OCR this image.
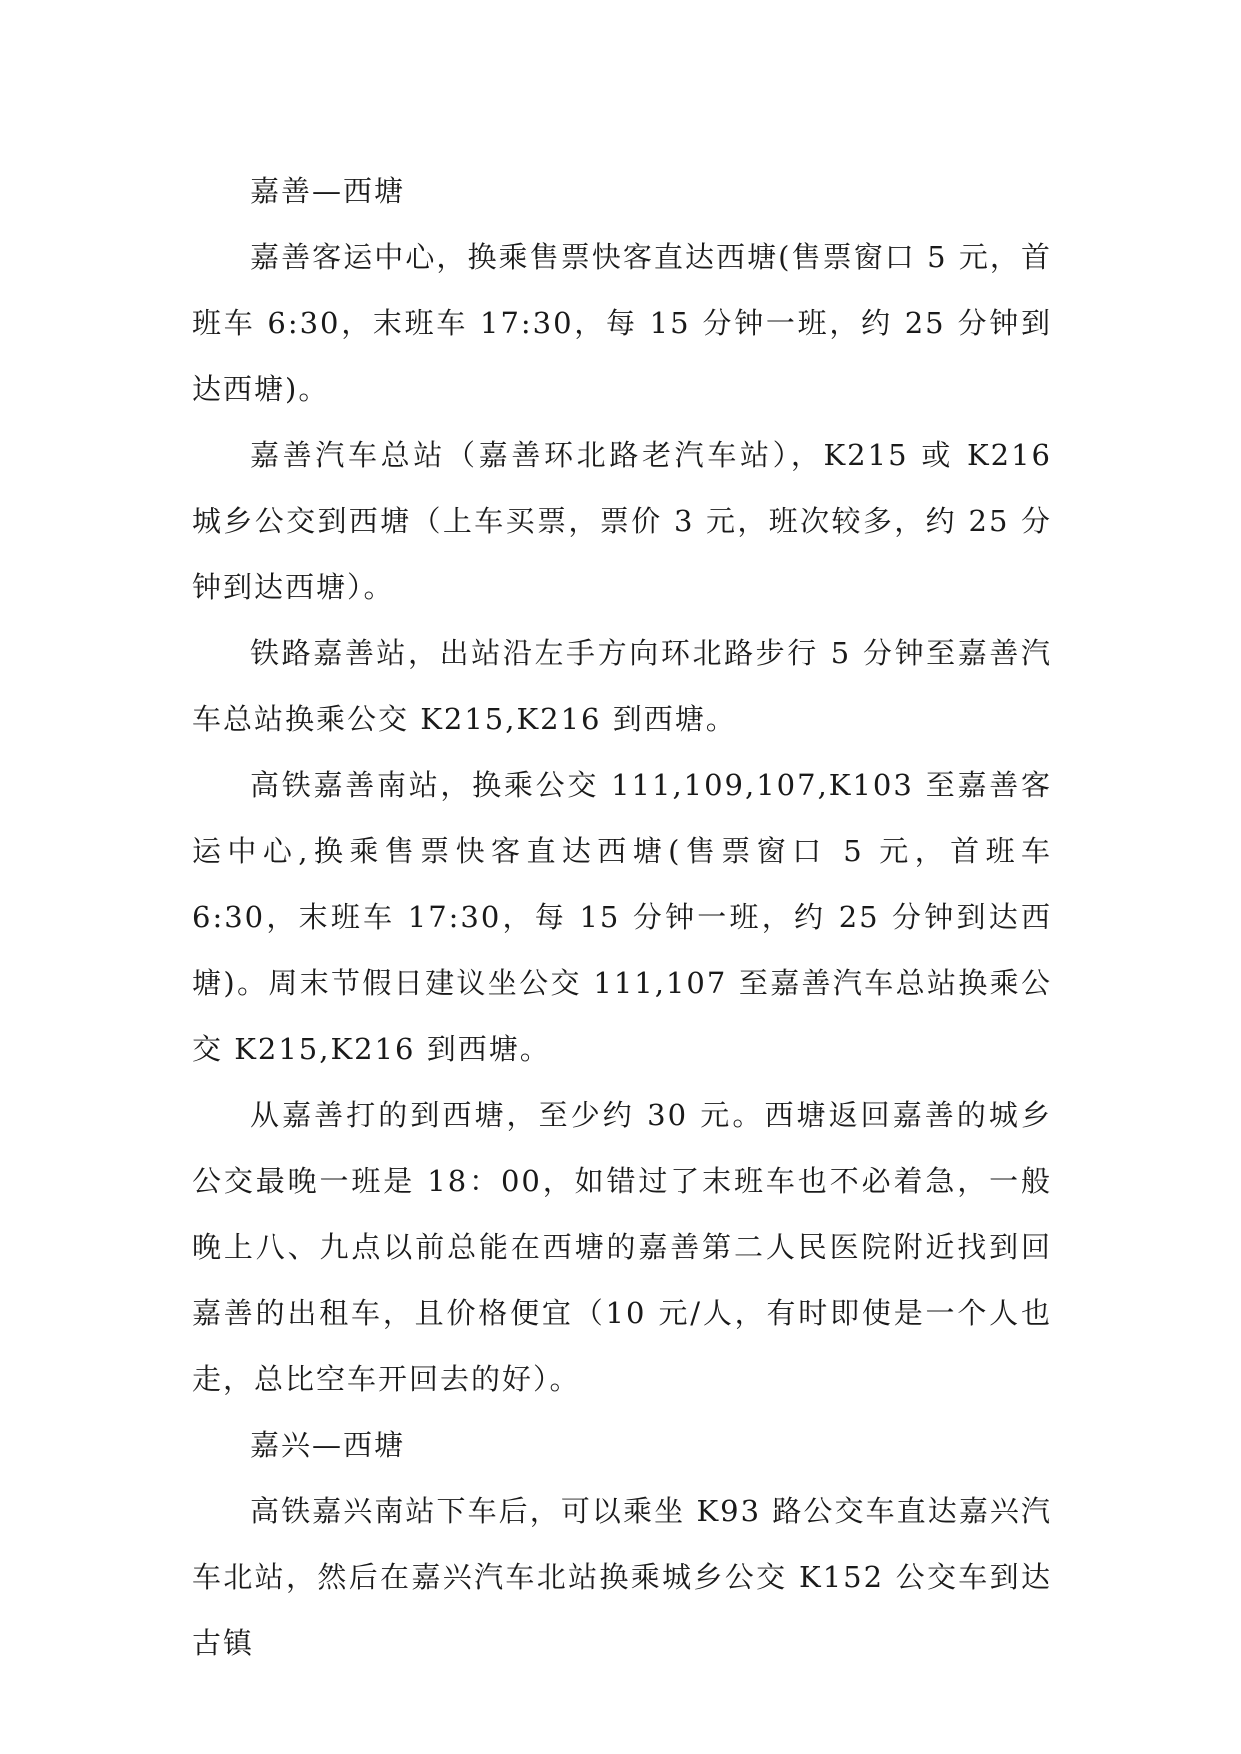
嘉善—西塘

嘉善客运中心，换乘售票快客直达西塘(售票窗口 5 元，首班车 6:30，末班车 17:30，每 15 分钟一班，约 25 分钟到达西塘)。

嘉善汽车总站（嘉善环北路老汽车站），K215 或 K216 城乡公交到西塘（上车买票，票价 3 元，班次较多，约 25 分钟到达西塘）。

铁路嘉善站，出站沿左手方向环北路步行 5 分钟至嘉善汽车总站换乘公交 K215,K216 到西塘。

高铁嘉善南站，换乘公交 111,109,107,K103 至嘉善客运中心,换乘售票快客直达西塘(售票窗口 5 元，首班车 6:30，末班车 17:30，每 15 分钟一班，约 25 分钟到达西塘)。周末节假日建议坐公交 111,107 至嘉善汽车总站换乘公交 K215,K216 到西塘。

从嘉善打的到西塘，至少约 30 元。西塘返回嘉善的城乡公交最晚一班是 18：00，如错过了末班车也不必着急，一般晚上八、九点以前总能在西塘的嘉善第二人民医院附近找到回嘉善的出租车，且价格便宜（10 元/人，有时即使是一个人也走，总比空车开回去的好）。

嘉兴—西塘

高铁嘉兴南站下车后，可以乘坐 K93 路公交车直达嘉兴汽车北站，然后在嘉兴汽车北站换乘城乡公交 K152 公交车到达古镇
